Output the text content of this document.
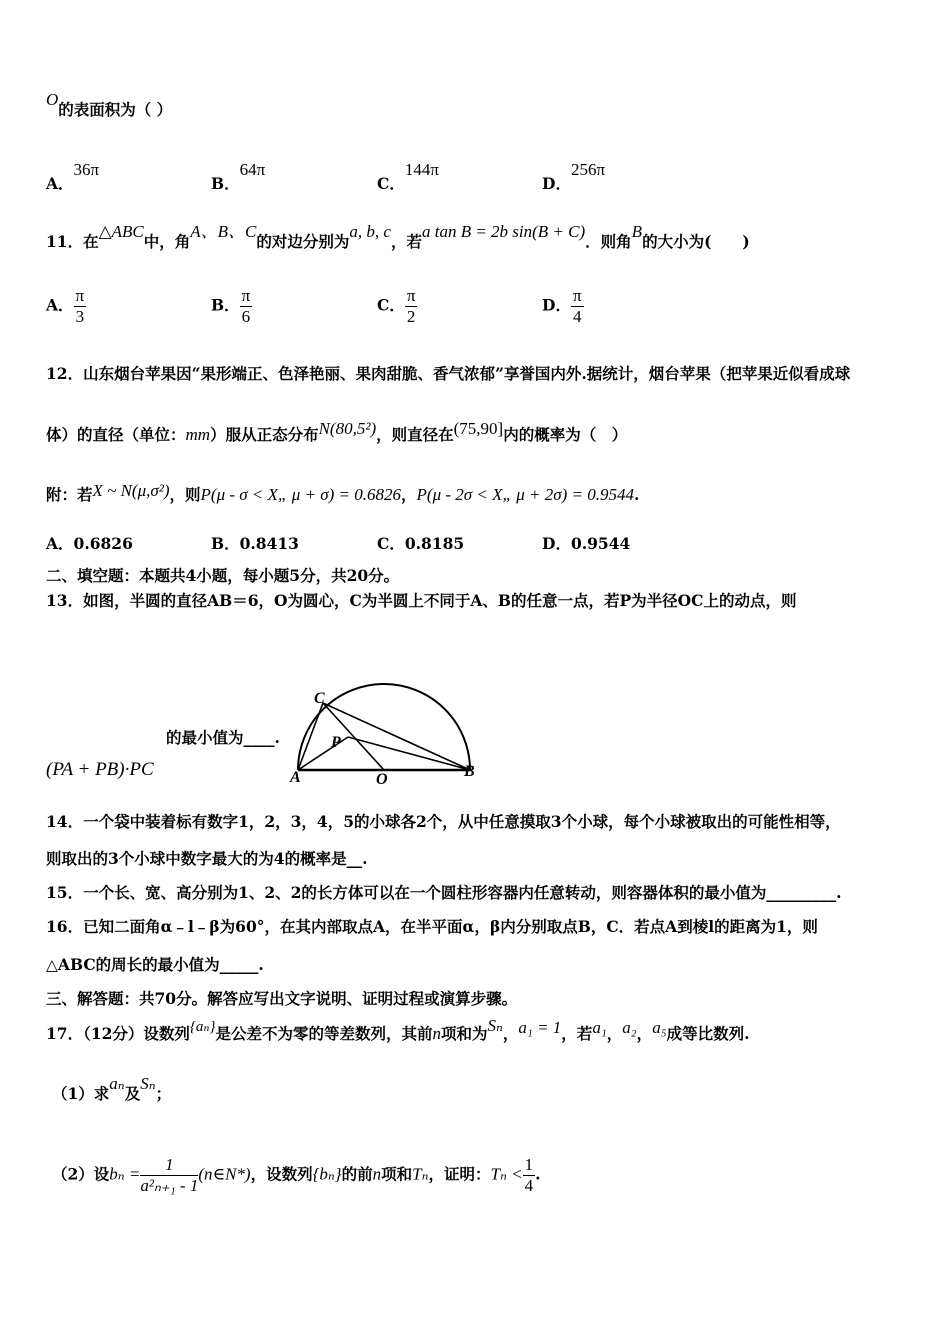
O的表面积为（ ）
A．36π
B．64π
C．144π
D．256π
11．在△ABC中，角A、B、C的对边分别为a, b, c，若a tan B = 2b sin(B + C)．则角B的大小为(　　)
A． $\frac{\pi}{3}$	B． $\frac{\pi}{6}$	C． $\frac{\pi}{2}$	D． $\frac{\pi}{4}$
12．山东烟台苹果因“果形端正、色泽艳丽、果肉甜脆、香气浓郁”享誉国内外.据统计，烟台苹果（把苹果近似看成球
体）的直径（单位：mm）服从正态分布N(80,5²)，则直径在(75,90]内的概率为（　）
附：若X ~ N(μ,σ²)，则P(μ - σ < X„ μ + σ) = 0.6826，P(μ - 2σ < X„ μ + 2σ) = 0.9544.
A．0.6826	B．0.8413	C．0.8185	D．0.9544
二、填空题：本题共4小题，每小题5分，共20分。
13．如图，半圆的直径AB＝6，O为圆心，C为半圆上不同于A、B的任意一点，若P为半径OC上的动点，则
的最小值为____.
(PA + PB)·PC
C
P
A	O	B
14．一个袋中装着标有数字1，2，3，4，5的小球各2个，从中任意摸取3个小球，每个小球被取出的可能性相等，
则取出的3个小球中数字最大的为4的概率是__.
15．一个长、宽、高分别为1、2、2的长方体可以在一个圆柱形容器内任意转动，则容器体积的最小值为_________.
16．已知二面角α﹣l﹣β为60°，在其内部取点A，在半平面α，β内分别取点B，C．若点A到棱l的距离为1，则
△ABC的周长的最小值为_____.
三、解答题：共70分。解答应写出文字说明、证明过程或演算步骤。
17．（12分）设数列{aₙ}是公差不为零的等差数列，其前n项和为Sₙ，a₁ = 1，若a₁，a₂，a₅成等比数列.
（1）求aₙ及Sₙ；
（2）设$b_n = \frac{1}{\text{a²ₙ₊₁ - 1}}$ (n∈N*)，设数列{bₙ}的前n项和Tₙ，证明：$T_n < \frac{1}{4}$ .
